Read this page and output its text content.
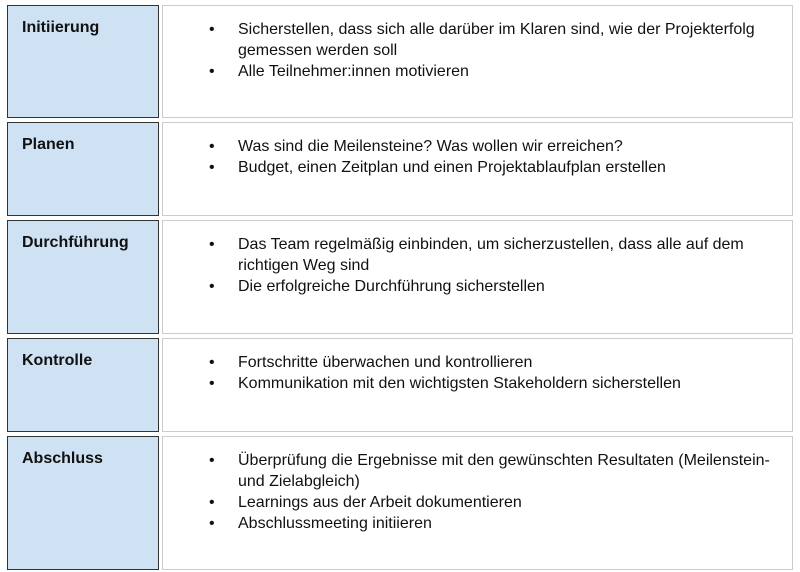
Initiierung	• Sicherstellen, dass sich alle darüber im Klaren sind, wie der Projekterfolg gemessen werden soll
• Alle Teilnehmer:innen motivieren
Planen	• Was sind die Meilensteine? Was wollen wir erreichen?
• Budget, einen Zeitplan und einen Projektablaufplan erstellen
Durchführung	• Das Team regelmäßig einbinden, um sicherzustellen, dass alle auf dem richtigen Weg sind
• Die erfolgreiche Durchführung sicherstellen
Kontrolle	• Fortschritte überwachen und kontrollieren
• Kommunikation mit den wichtigsten Stakeholdern sicherstellen
Abschluss	• Überprüfung die Ergebnisse mit den gewünschten Resultaten (Meilenstein- und Zielabgleich)
• Learnings aus der Arbeit dokumentieren
• Abschlussmeeting initiieren
